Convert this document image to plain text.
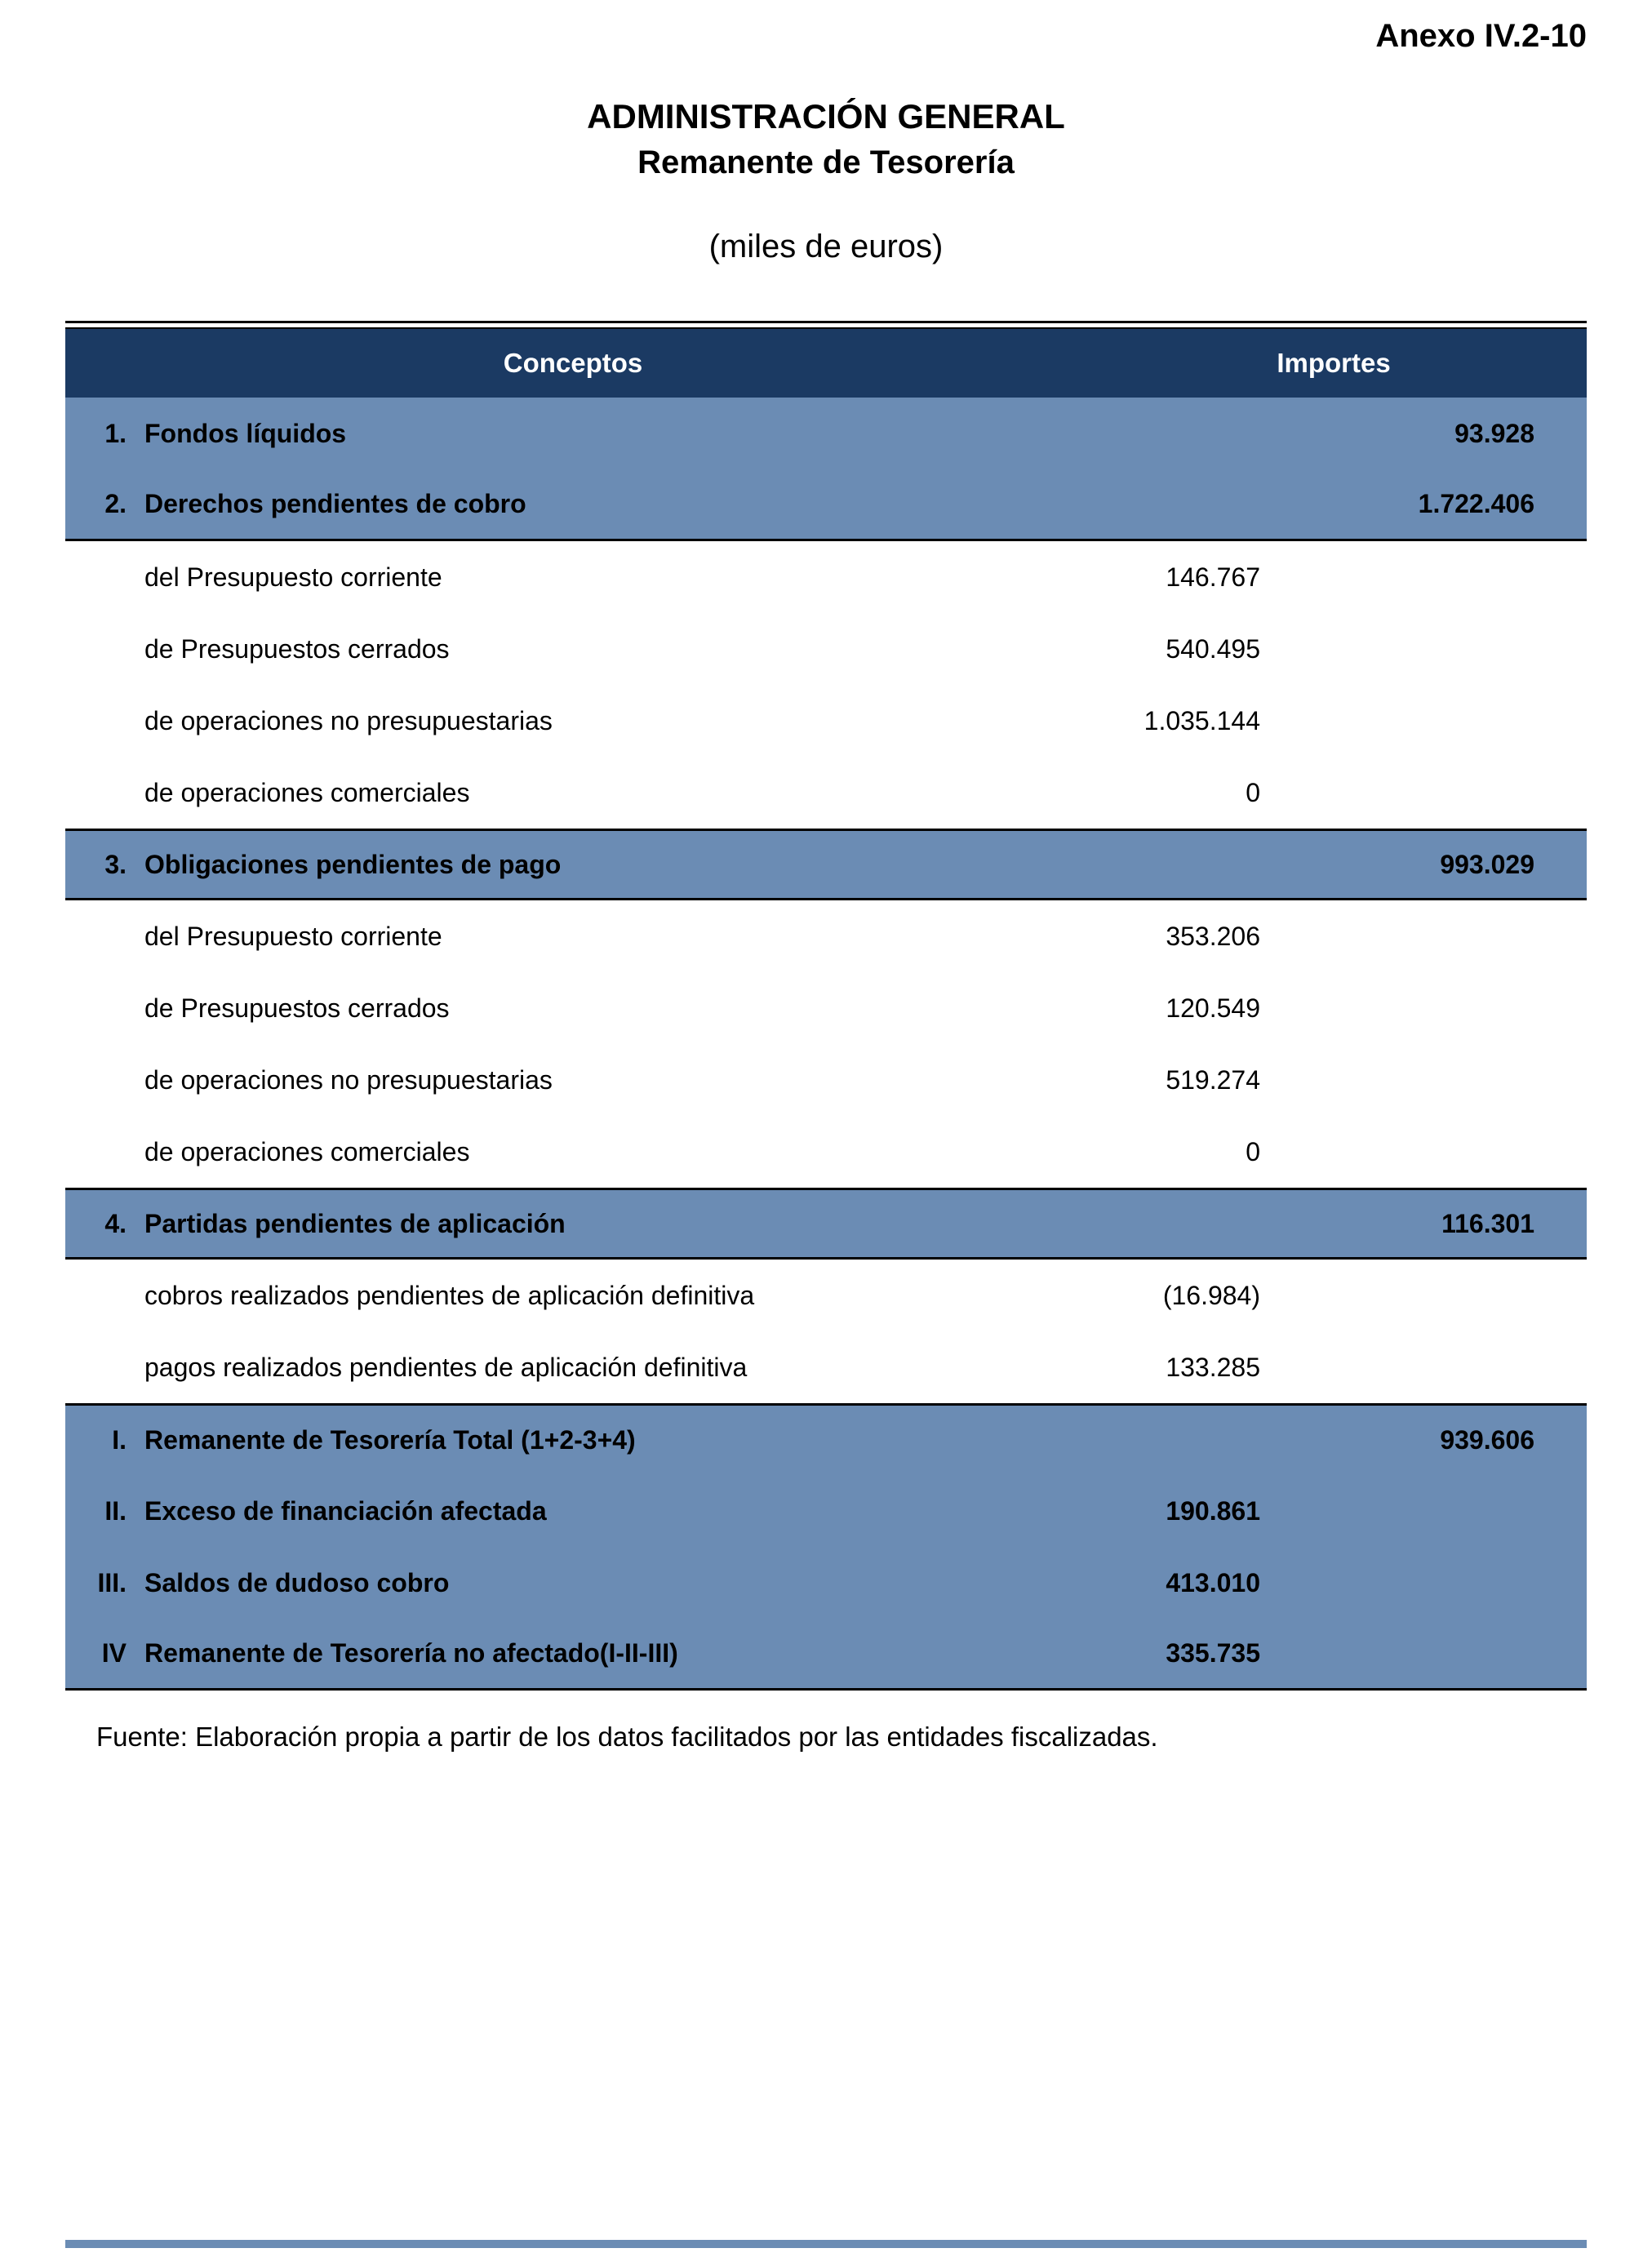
Anexo IV.2-10
ADMINISTRACIÓN GENERAL
Remanente de Tesorería
(miles de euros)
Conceptos	Importes
1. Fondos líquidos	93.928
2. Derechos pendientes de cobro	1.722.406
del Presupuesto corriente	146.767
de Presupuestos cerrados	540.495
de operaciones no presupuestarias	1.035.144
de operaciones comerciales	0
3. Obligaciones pendientes de pago	993.029
del Presupuesto corriente	353.206
de Presupuestos cerrados	120.549
de operaciones no presupuestarias	519.274
de operaciones comerciales	0
4. Partidas pendientes de aplicación	116.301
cobros realizados pendientes de aplicación definitiva	(16.984)
pagos realizados pendientes de aplicación definitiva	133.285
I. Remanente de Tesorería Total (1+2-3+4)	939.606
II. Exceso de financiación afectada	190.861
III. Saldos de dudoso cobro	413.010
IV Remanente de Tesorería no afectado(I-II-III)	335.735
Fuente: Elaboración propia a partir de los datos facilitados por las entidades fiscalizadas.
